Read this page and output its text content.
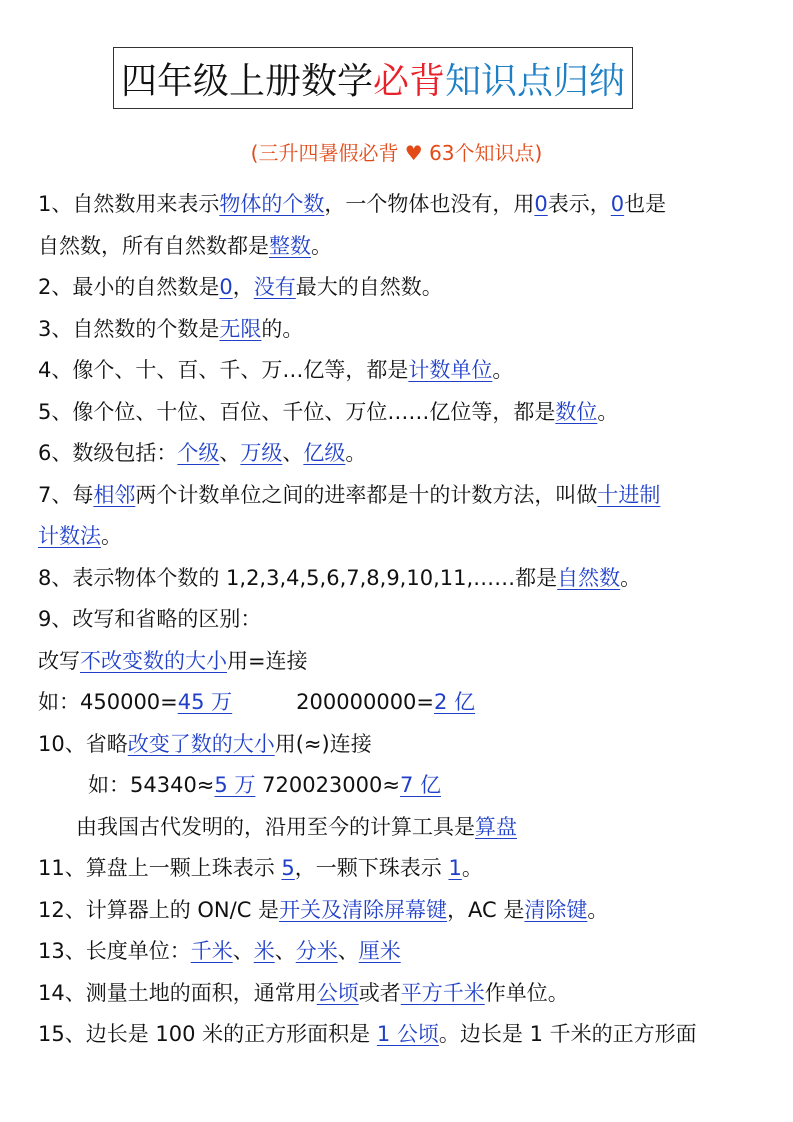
四年级上册数学 必背 知识点归纳
(三升四暑假必背 ♥ 63个知识点)
1、自然数用来表示物体的个数，一个物体也没有，用0表示，0也是
自然数，所有自然数都是整数。
2、最小的自然数是0，没有最大的自然数。
3、自然数的个数是无限的。
4、像个、十、百、千、万…亿等，都是计数单位。
5、像个位、十位、百位、千位、万位……亿位等，都是数位。
6、数级包括：个级、万级、亿级。
7、每相邻两个计数单位之间的进率都是十的计数方法，叫做十进制
计数法。
8、表示物体个数的 1,2,3,4,5,6,7,8,9,10,11,……都是自然数。
9、改写和省略的区别：
改写不改变数的大小用=连接
如：450000=45 万	200000000=2 亿
10、省略改变了数的大小用(≈)连接
如：54340≈5 万 720023000≈7 亿
由我国古代发明的，沿用至今的计算工具是算盘
11、算盘上一颗上珠表示 5，一颗下珠表示 1。
12、计算器上的 ON/C 是开关及清除屏幕键，AC 是清除键。
13、长度单位：千米、米、分米、厘米
14、测量土地的面积，通常用公顷或者平方千米作单位。
15、边长是 100 米的正方形面积是 1 公顷。边长是 1 千米的正方形面
